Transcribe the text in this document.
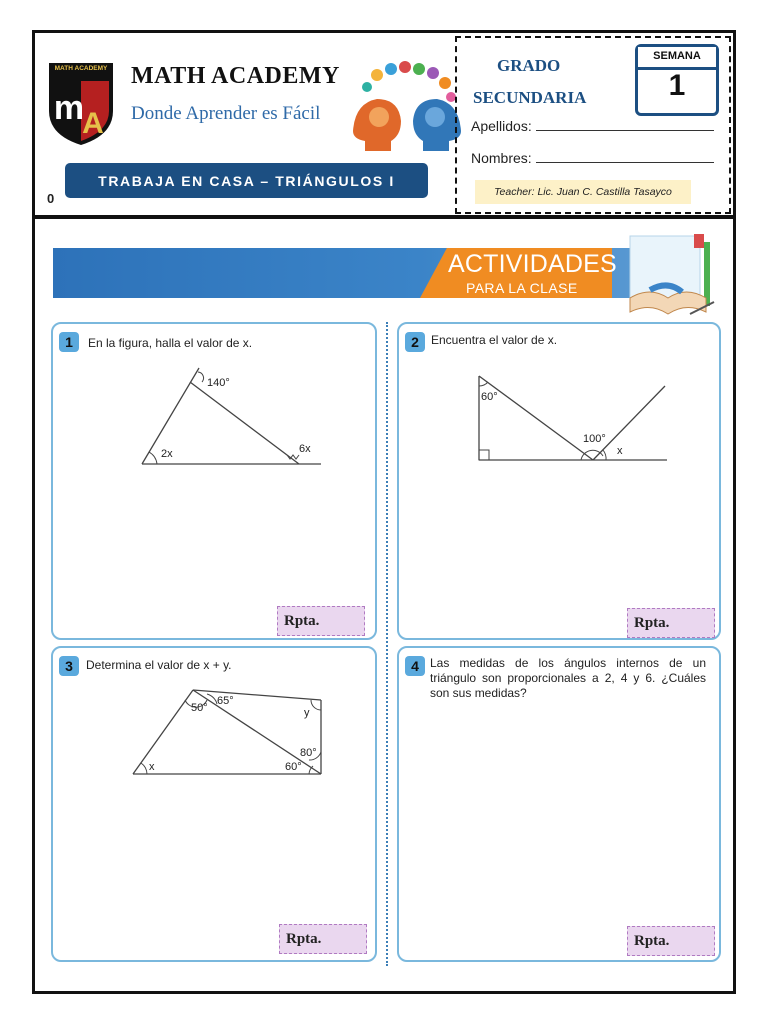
MATH ACADEMY
m
A
MATH ACADEMY
Donde Aprender es Fácil
TRABAJA EN CASA – TRIÁNGULOS I
0
GRADO
SECUNDARIA
SEMANA
1
Apellidos:
Nombres:
Teacher: Lic. Juan C. Castilla Tasayco
ACTIVIDADES
PARA LA CLASE
1	En la figura, halla el valor de x.
140°
2x	6x
Rpta.
2	Encuentra el valor de x.
60°
100°
x
Rpta.
3	Determina el valor de x + y.
65°
50°	y
80°
60°
x
Rpta.
4 Las medidas de los ángulos internos de un triángulo son proporcionales a 2, 4 y 6. ¿Cuáles son sus medidas?
Rpta.
